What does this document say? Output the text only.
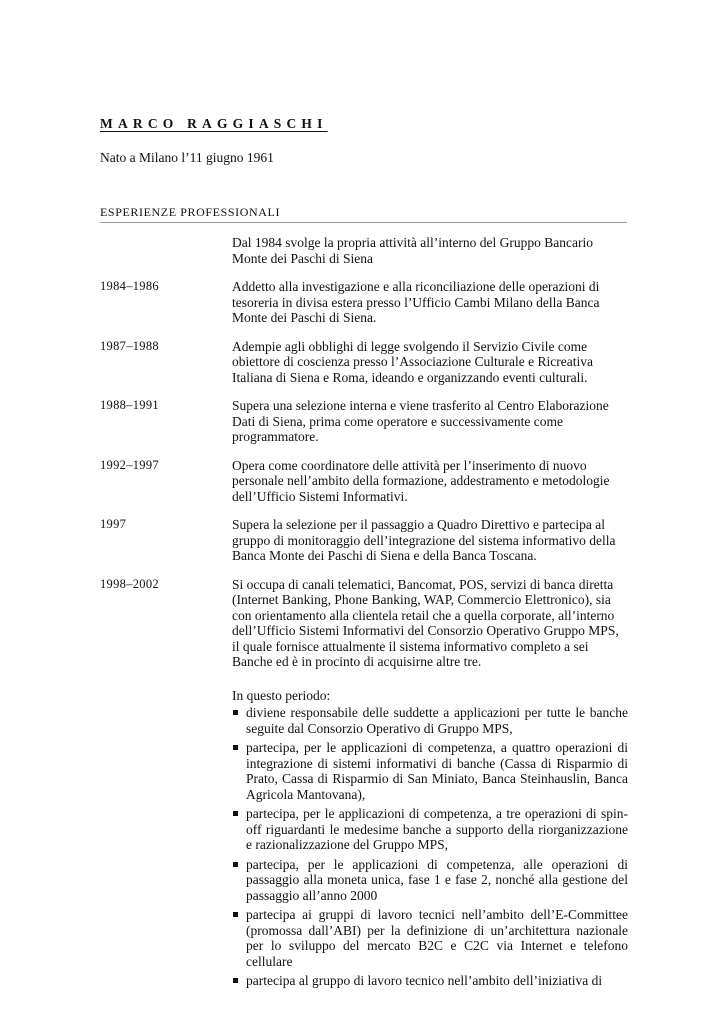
MARCO RAGGIASCHI
Nato a Milano l’11 giugno 1961
ESPERIENZE PROFESSIONALI
Dal 1984 svolge la propria attività all’interno del Gruppo Bancario Monte dei Paschi di Siena
1984–1986	Addetto alla investigazione e alla riconciliazione delle operazioni di tesoreria in divisa estera presso l’Ufficio Cambi Milano della Banca Monte dei Paschi di Siena.
1987–1988	Adempie agli obblighi di legge svolgendo il Servizio Civile come obiettore di coscienza presso l’Associazione Culturale e Ricreativa Italiana di Siena e Roma, ideando e organizzando eventi culturali.
1988–1991	Supera una selezione interna e viene trasferito al Centro Elaborazione Dati di Siena, prima come operatore e successivamente come programmatore.
1992–1997	Opera come coordinatore delle attività per l’inserimento di nuovo personale nell’ambito della formazione, addestramento e metodologie dell’Ufficio Sistemi Informativi.
1997	Supera la selezione per il passaggio a Quadro Direttivo e partecipa al gruppo di monitoraggio dell’integrazione del sistema informativo della Banca Monte dei Paschi di Siena e della Banca Toscana.
1998–2002	Si occupa di canali telematici, Bancomat, POS, servizi di banca diretta (Internet Banking, Phone Banking, WAP, Commercio Elettronico), sia con orientamento alla clientela retail che a quella corporate, all’interno dell’Ufficio Sistemi Informativi del Consorzio Operativo Gruppo MPS, il quale fornisce attualmente il sistema informativo completo a sei Banche ed è in procinto di acquisirne altre tre.
In questo periodo:
diviene responsabile delle suddette a applicazioni per tutte le banche seguite dal Consorzio Operativo di Gruppo MPS,
partecipa, per le applicazioni di competenza, a quattro operazioni di integrazione di sistemi informativi di banche (Cassa di Risparmio di Prato, Cassa di Risparmio di San Miniato, Banca Steinhauslin, Banca Agricola Mantovana),
partecipa, per le applicazioni di competenza, a tre operazioni di spin-off riguardanti le medesime banche a supporto della riorganizzazione e razionalizzazione del Gruppo MPS,
partecipa, per le applicazioni di competenza, alle operazioni di passaggio alla moneta unica, fase 1 e fase 2, nonché alla gestione del passaggio all’anno 2000
partecipa ai gruppi di lavoro tecnici nell’ambito dell’E-Committee (promossa dall’ABI) per la definizione di un’architettura nazionale per lo sviluppo del mercato B2C e C2C via Internet e telefono cellulare
partecipa al gruppo di lavoro tecnico nell’ambito dell’iniziativa di
